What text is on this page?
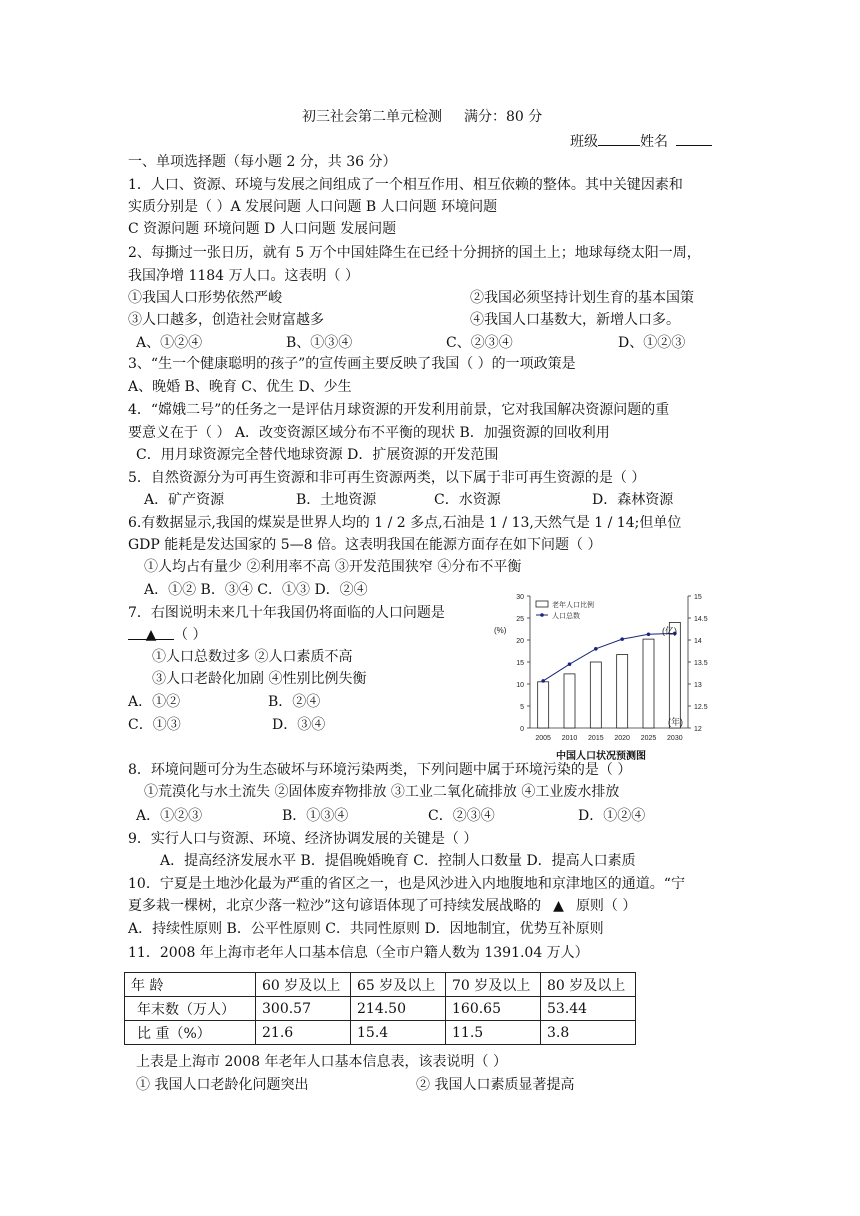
初三社会第二单元检测 满分：80 分
班级	姓名
一、单项选择题（每小题 2 分，共 36 分）
1．人口、资源、环境与发展之间组成了一个相互作用、相互依赖的整体。其中关键因素和
实质分别是（ ）A 发展问题 人口问题 B 人口问题 环境问题
C 资源问题 环境问题 D 人口问题 发展问题
2、每撕过一张日历，就有 5 万个中国娃降生在已经十分拥挤的国土上；地球每绕太阳一周，
我国净增 1184 万人口。这表明（ ）
①我国人口形势依然严峻	②我国必须坚持计划生育的基本国策
③人口越多，创造社会财富越多	④我国人口基数大，新增人口多。
A、①②④	B、①③④	C、②③④	D、①②③
3、“生一个健康聪明的孩子”的宣传画主要反映了我国（ ）的一项政策是
A、晚婚 B、晚育 C、优生 D、少生
4．“嫦娥二号”的任务之一是评估月球资源的开发利用前景，它对我国解决资源问题的重
要意义在于（ ） A．改变资源区域分布不平衡的现状 B．加强资源的回收利用
C．用月球资源完全替代地球资源 D．扩展资源的开发范围
5．自然资源分为可再生资源和非可再生资源两类，以下属于非可再生资源的是（ ）
A．矿产资源	B．土地资源	C．水资源	D．森林资源
6.有数据显示,我国的煤炭是世界人均的 1 / 2 多点,石油是 1 / 13,天然气是 1 / 14;但单位
GDP 能耗是发达国家的 5—8 倍。这表明我国在能源方面存在如下问题（ ）
①人均占有量少 ②利用率不高 ③开发范围狭窄 ④分布不平衡
A．①② B．③④ C．①③ D．②④
7．右图说明未来几十年我国仍将面临的人口问题是
▲ （ ）
①人口总数过多 ②人口素质不高
③人口老龄化加剧 ④性别比例失衡
A．①②	B．②④
C．①③	D．③④	0
5
10
15
20
25
30
12
12.5
13
13.5
14
14.5
15
2005 2010 2015 2020 2025 2030
(%)	(亿)
(年)
老年人口比例
人口总数
中国人口状况预测图
8．环境问题可分为生态破坏与环境污染两类，下列问题中属于环境污染的是（ ）
①荒漠化与水土流失 ②固体废弃物排放 ③工业二氧化硫排放 ④工业废水排放
A．①②③	B．①③④	C．②③④	D．①②④
9．实行人口与资源、环境、经济协调发展的关键是（ ）
A．提高经济发展水平 B．提倡晚婚晚育 C．控制人口数量 D．提高人口素质
10．宁夏是土地沙化最为严重的省区之一，也是风沙进入内地腹地和京津地区的通道。“宁
夏多栽一棵树，北京少落一粒沙”这句谚语体现了可持续发展战略的 ▲ 原则（ ）
A．持续性原则 B．公平性原则 C．共同性原则 D．因地制宜，优势互补原则
11．2008 年上海市老年人口基本信息（全市户籍人数为 1391.04 万人）
年 龄	60 岁及以上	65 岁及以上	70 岁及以上	80 岁及以上
年末数（万人）	300.57	214.50	160.65	53.44
比 重（%）	21.6	15.4	11.5	3.8
上表是上海市 2008 年老年人口基本信息表，该表说明（ ）
① 我国人口老龄化问题突出	② 我国人口素质显著提高
